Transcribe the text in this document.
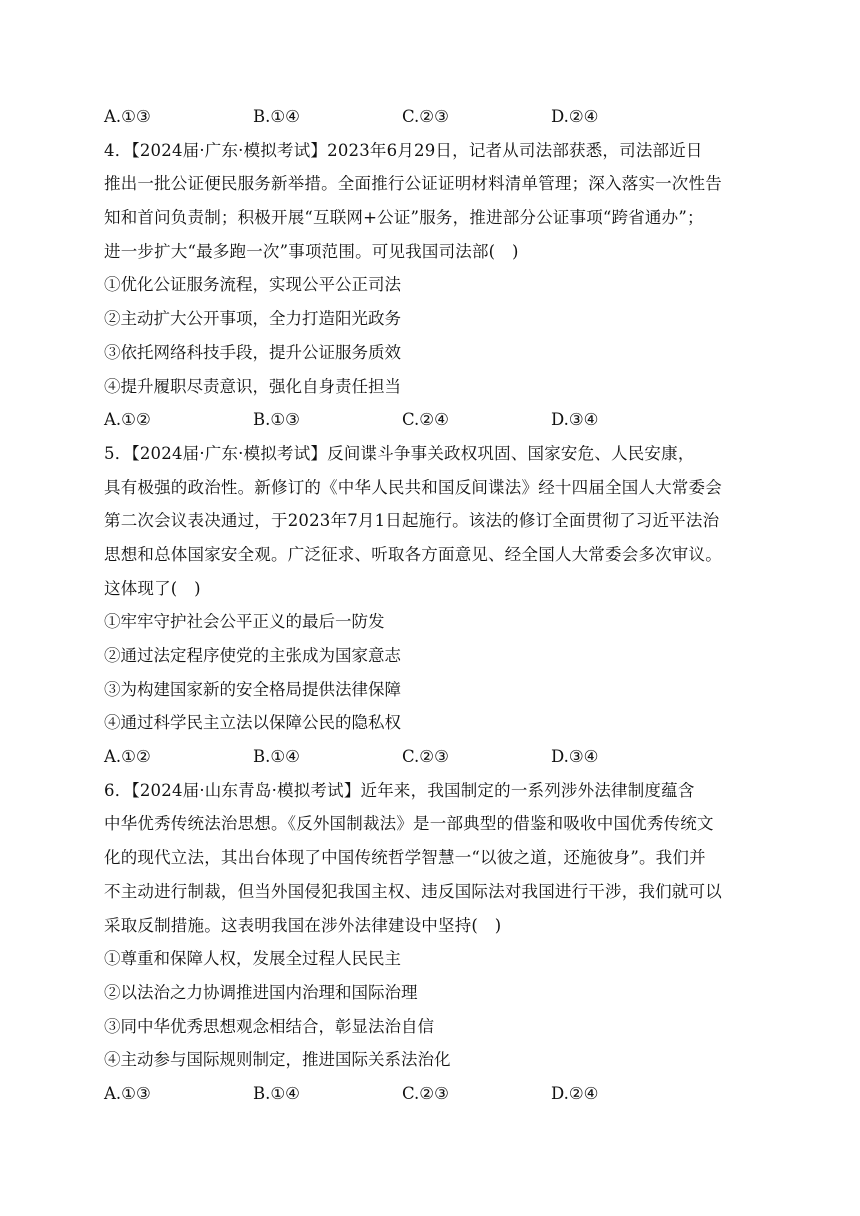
A.①③	B.①④	C.②③	D.②④
4．【2024届·广东·模拟考试】2023年6月29日，记者从司法部获悉，司法部近日
推出一批公证便民服务新举措。全面推行公证证明材料清单管理；深入落实一次性告
知和首问负责制；积极开展“互联网+公证”服务，推进部分公证事项“跨省通办”；
进一步扩大“最多跑一次”事项范围。可见我国司法部(　)
①优化公证服务流程，实现公平公正司法
②主动扩大公开事项，全力打造阳光政务
③依托网络科技手段，提升公证服务质效
④提升履职尽责意识，强化自身责任担当
A.①②	B.①③	C.②④	D.③④
5．【2024届·广东·模拟考试】反间谍斗争事关政权巩固、国家安危、人民安康，
具有极强的政治性。新修订的《中华人民共和国反间谍法》经十四届全国人大常委会
第二次会议表决通过，于2023年7月1日起施行。该法的修订全面贯彻了习近平法治
思想和总体国家安全观。广泛征求、听取各方面意见、经全国人大常委会多次审议。
这体现了(　)
①牢牢守护社会公平正义的最后一防发
②通过法定程序使党的主张成为国家意志
③为构建国家新的安全格局提供法律保障
④通过科学民主立法以保障公民的隐私权
A.①②	B.①④	C.②③	D.③④
6．【2024届·山东青岛·模拟考试】近年来，我国制定的一系列涉外法律制度蕴含
中华优秀传统法治思想。《反外国制裁法》是一部典型的借鉴和吸收中国优秀传统文
化的现代立法，其出台体现了中国传统哲学智慧一“以彼之道，还施彼身”。我们并
不主动进行制裁，但当外国侵犯我国主权、违反国际法对我国进行干涉，我们就可以
采取反制措施。这表明我国在涉外法律建设中坚持(　)
①尊重和保障人权，发展全过程人民民主
②以法治之力协调推进国内治理和国际治理
③同中华优秀思想观念相结合，彰显法治自信
④主动参与国际规则制定，推进国际关系法治化
A.①③	B.①④	C.②③	D.②④
